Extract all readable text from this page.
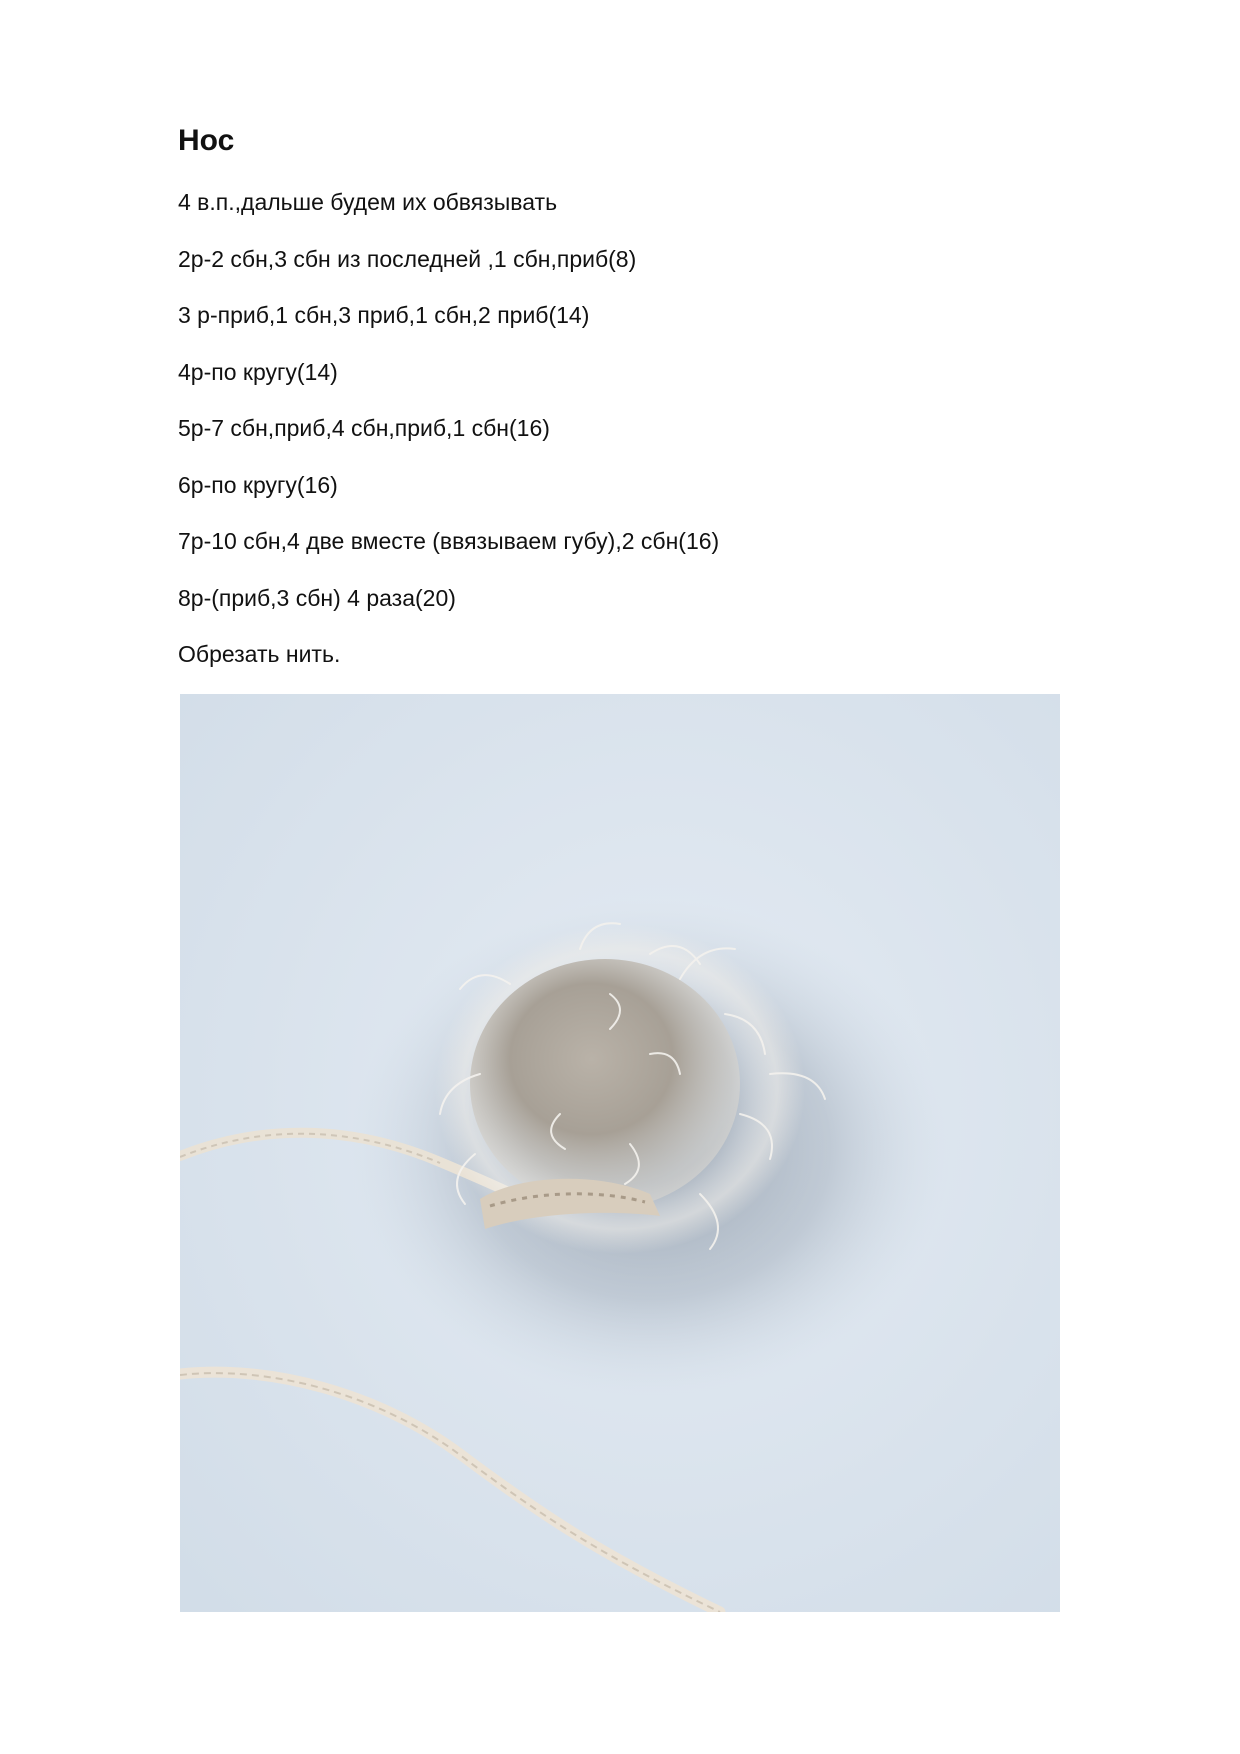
Нос
4 в.п.,дальше будем их обвязывать
2р-2 сбн,3 сбн из последней ,1 сбн,приб(8)
3 р-приб,1 сбн,3 приб,1 сбн,2 приб(14)
4р-по кругу(14)
5р-7 сбн,приб,4 сбн,приб,1 сбн(16)
6р-по кругу(16)
7р-10 сбн,4 две вместе (ввязываем губу),2 сбн(16)
8р-(приб,3 сбн) 4 раза(20)
Обрезать нить.
